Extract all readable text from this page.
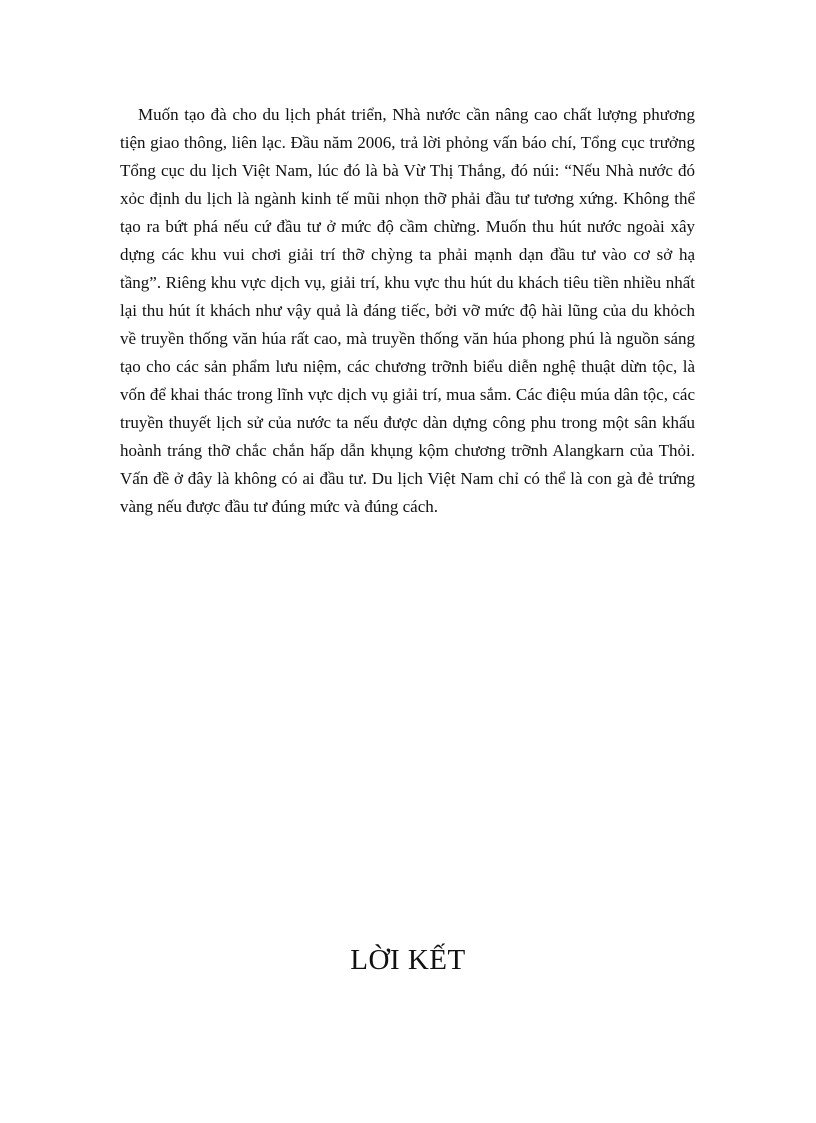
Muốn tạo đà cho du lịch phát triển, Nhà nước cần nâng cao chất lượng phương tiện giao thông, liên lạc. Đầu năm 2006, trả lời phỏng vấn báo chí, Tổng cục trưởng Tổng cục du lịch Việt Nam, lúc đó là bà Vừ Thị Thắng, đó núi: “Nếu Nhà nước đó xỏc định du lịch là ngành kinh tế mũi nhọn thỡ phải đầu tư tương xứng. Không thể tạo ra bứt phá nếu cứ đầu tư ở mức độ cầm chừng. Muốn thu hút nước ngoài xây dựng các khu vui chơi giải trí thỡ chỳng ta phải mạnh dạn đầu tư vào cơ sở hạ tầng”. Riêng khu vực dịch vụ, giải trí, khu vực thu hút du khách tiêu tiền nhiều nhất lại thu hút ít khách như vậy quả là đáng tiếc, bởi vỡ mức độ hài lũng của du khỏch về truyền thống văn húa rất cao, mà truyền thống văn húa phong phú là nguồn sáng tạo cho các sản phẩm lưu niệm, các chương trỡnh biểu diễn nghệ thuật dừn tộc, là vốn để khai thác trong lĩnh vực dịch vụ giải trí, mua sắm. Các điệu múa dân tộc, các truyền thuyết lịch sử của nước ta nếu được dàn dựng công phu trong một sân khấu hoành tráng thỡ chắc chắn hấp dẫn khụng kộm chương trỡnh Alangkarn của Thỏi. Vấn đề ở đây là không có ai đầu tư. Du lịch Việt Nam chỉ có thể là con gà đẻ trứng vàng nếu được đầu tư đúng mức và đúng cách.

LỜI KẾT
